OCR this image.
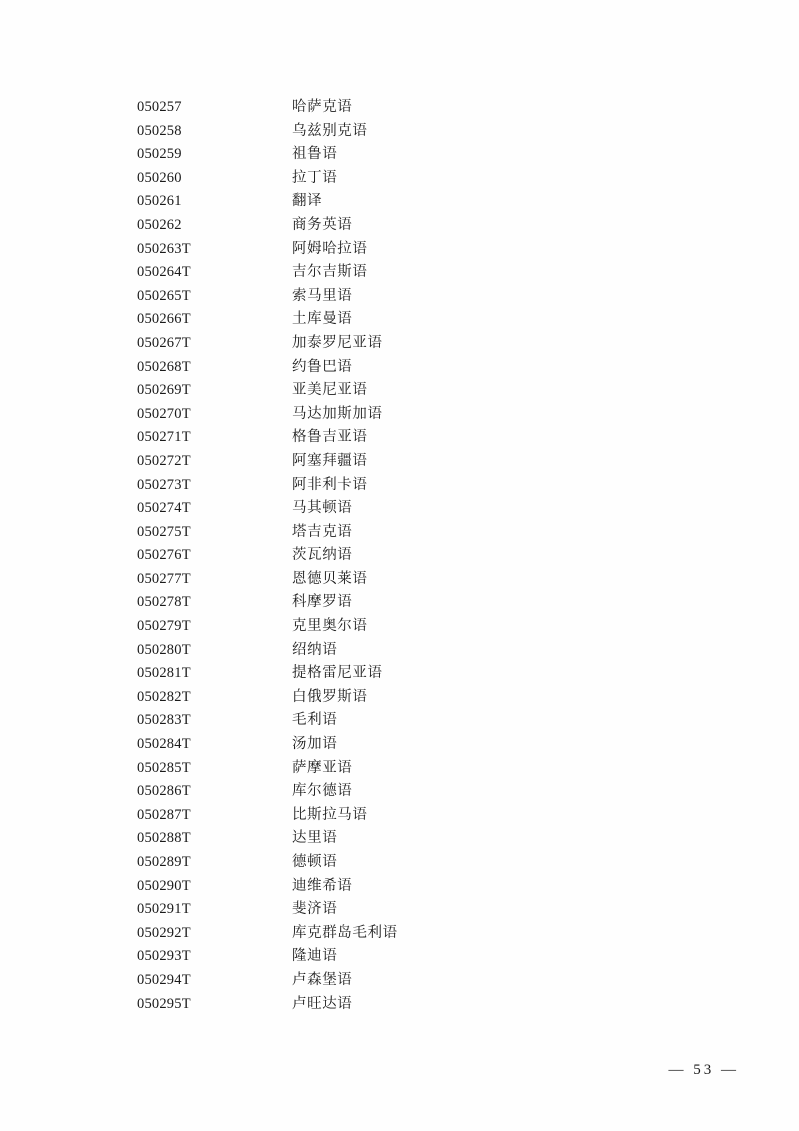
050257	哈萨克语
050258	乌兹别克语
050259	祖鲁语
050260	拉丁语
050261	翻译
050262	商务英语
050263T	阿姆哈拉语
050264T	吉尔吉斯语
050265T	索马里语
050266T	土库曼语
050267T	加泰罗尼亚语
050268T	约鲁巴语
050269T	亚美尼亚语
050270T	马达加斯加语
050271T	格鲁吉亚语
050272T	阿塞拜疆语
050273T	阿非利卡语
050274T	马其顿语
050275T	塔吉克语
050276T	茨瓦纳语
050277T	恩德贝莱语
050278T	科摩罗语
050279T	克里奥尔语
050280T	绍纳语
050281T	提格雷尼亚语
050282T	白俄罗斯语
050283T	毛利语
050284T	汤加语
050285T	萨摩亚语
050286T	库尔德语
050287T	比斯拉马语
050288T	达里语
050289T	德顿语
050290T	迪维希语
050291T	斐济语
050292T	库克群岛毛利语
050293T	隆迪语
050294T	卢森堡语
050295T	卢旺达语
— 53 —
